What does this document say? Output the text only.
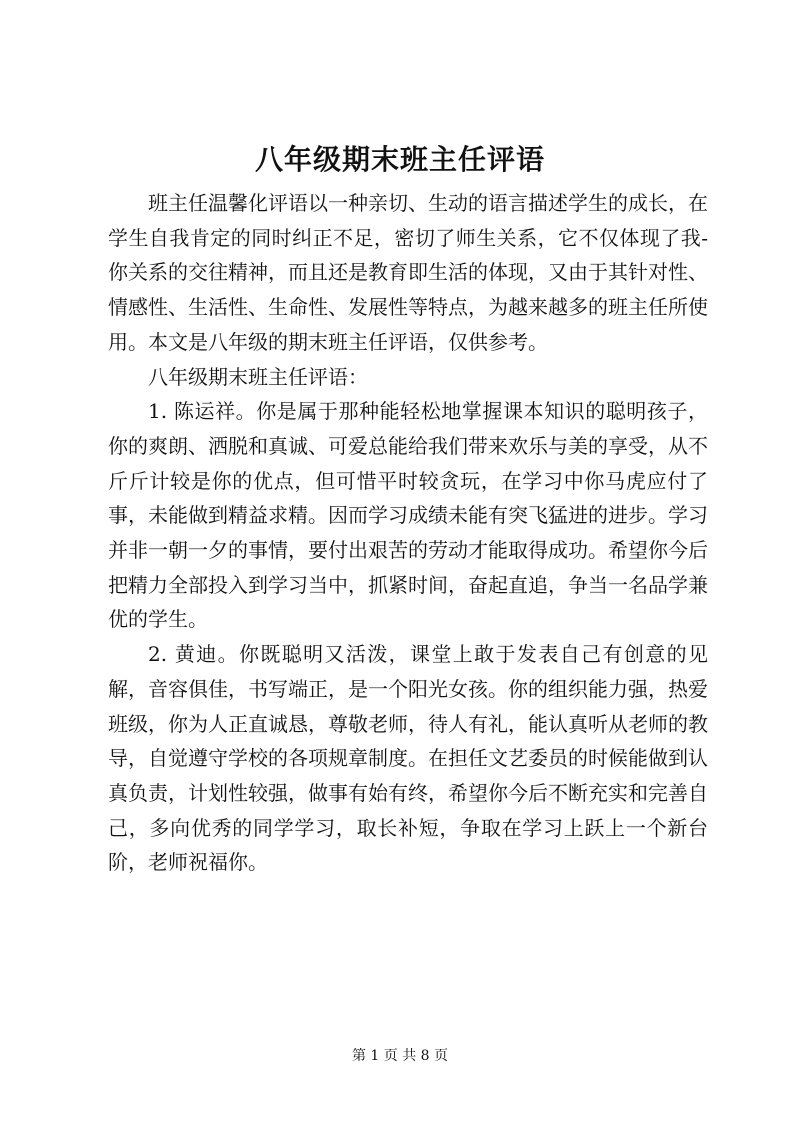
八年级期末班主任评语

班主任温馨化评语以一种亲切、生动的语言描述学生的成长，在学生自我肯定的同时纠正不足，密切了师生关系，它不仅体现了我-你关系的交往精神，而且还是教育即生活的体现，又由于其针对性、情感性、生活性、生命性、发展性等特点，为越来越多的班主任所使用。本文是八年级的期末班主任评语，仅供参考。

八年级期末班主任评语：

1. 陈运祥。你是属于那种能轻松地掌握课本知识的聪明孩子，你的爽朗、洒脱和真诚、可爱总能给我们带来欢乐与美的享受，从不斤斤计较是你的优点，但可惜平时较贪玩，在学习中你马虎应付了事，未能做到精益求精。因而学习成绩未能有突飞猛进的进步。学习并非一朝一夕的事情，要付出艰苦的劳动才能取得成功。希望你今后把精力全部投入到学习当中，抓紧时间，奋起直追，争当一名品学兼优的学生。

2. 黄迪。你既聪明又活泼，课堂上敢于发表自己有创意的见解，音容俱佳，书写端正，是一个阳光女孩。你的组织能力强，热爱班级，你为人正直诚恳，尊敬老师，待人有礼，能认真听从老师的教导，自觉遵守学校的各项规章制度。在担任文艺委员的时候能做到认真负责，计划性较强，做事有始有终，希望你今后不断充实和完善自己，多向优秀的同学学习，取长补短，争取在学习上跃上一个新台阶，老师祝福你。

第 1 页 共 8 页
